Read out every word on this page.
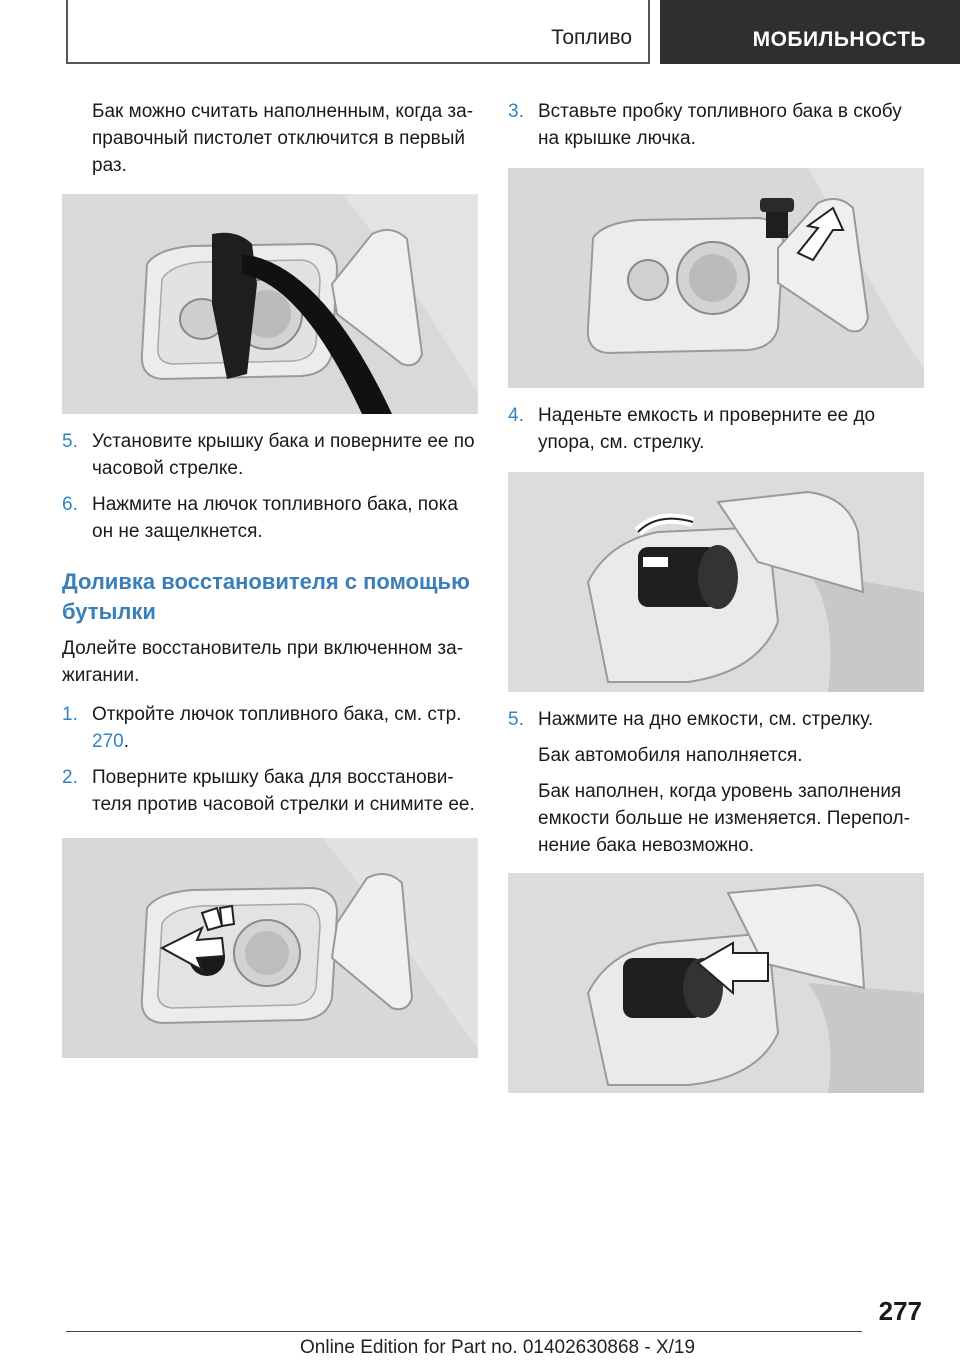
Топливо	МОБИЛЬНОСТЬ

Бак можно считать наполненным, когда заправочный пистолет отключится в первый раз.

5. Установите крышку бака и поверните ее по часовой стрелке.
6. Нажмите на лючок топливного бака, пока он не защелкнется.
Доливка восстановителя с помощью бутылки

Долейте восстановитель при включенном зажигании.

1. Откройте лючок топливного бака, см. стр. 270.
2. Поверните крышку бака для восстановителя против часовой стрелки и снимите ее.
3. Вставьте пробку топливного бака в скобу на крышке лючка.
4. Наденьте емкость и проверните ее до упора, см. стрелку.
5. Нажмите на дно емкости, см. стрелку.

Бак автомобиля наполняется.

Бак наполнен, когда уровень заполнения емкости больше не изменяется. Переполнение бака невозможно.

277
Online Edition for Part no. 01402630868 - X/19
